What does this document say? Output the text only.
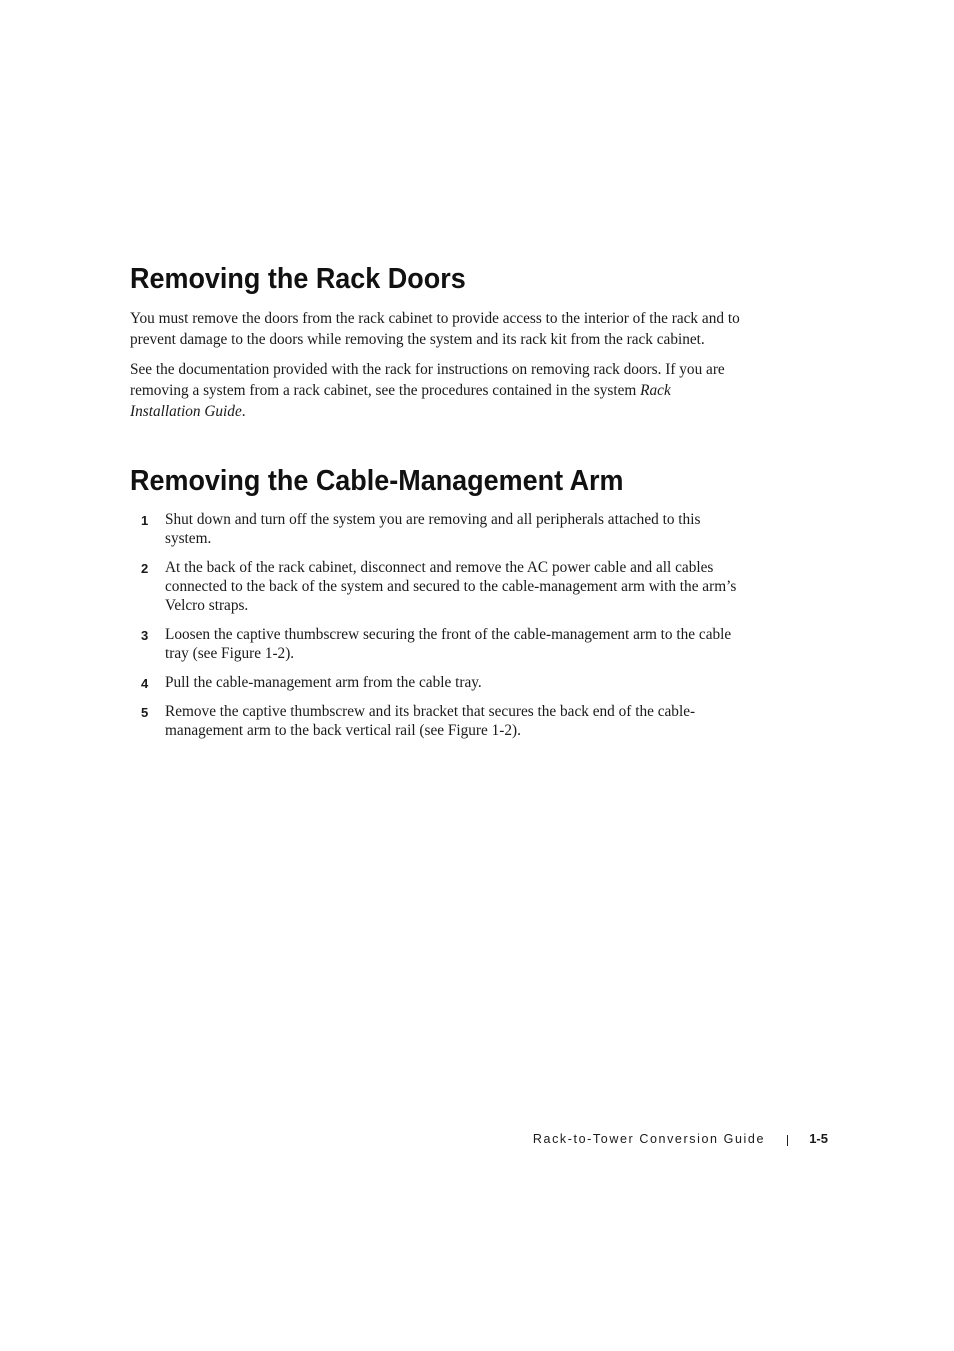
Removing the Rack Doors

You must remove the doors from the rack cabinet to provide access to the interior of the rack and to prevent damage to the doors while removing the system and its rack kit from the rack cabinet.

See the documentation provided with the rack for instructions on removing rack doors. If you are removing a system from a rack cabinet, see the procedures contained in the system Rack Installation Guide.

Removing the Cable-Management Arm
1 Shut down and turn off the system you are removing and all peripherals attached to this system.
2 At the back of the rack cabinet, disconnect and remove the AC power cable and all cables connected to the back of the system and secured to the cable-management arm with the arm’s Velcro straps.
3 Loosen the captive thumbscrew securing the front of the cable-management arm to the cable tray (see Figure 1-2).
4 Pull the cable-management arm from the cable tray.
5 Remove the captive thumbscrew and its bracket that secures the back end of the cable-management arm to the back vertical rail (see Figure 1-2).
Rack-to-Tower Conversion Guide	1-5
